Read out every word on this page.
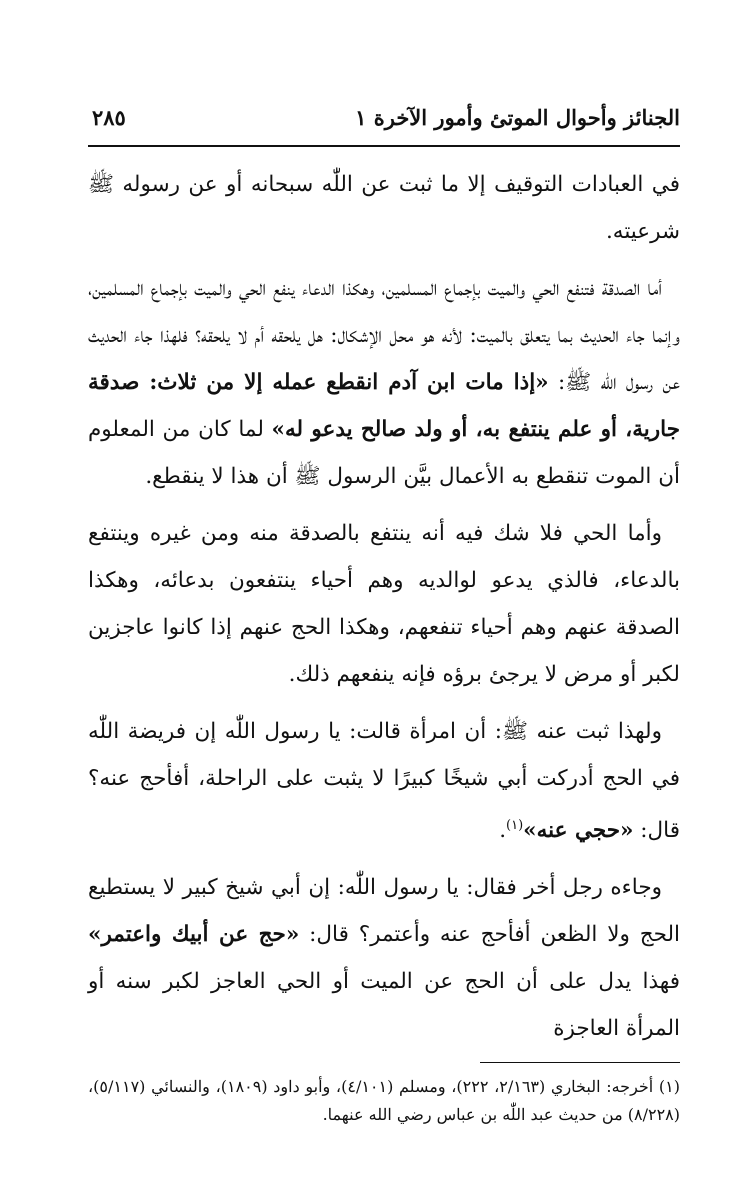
الجنائز وأحوال الموتئ وأمور الآخرة ١
٢٨٥

في العبادات التوقيف إلا ما ثبت عن اللّٰه سبحانه أو عن رسوله ﷺ شرعيته.

أما الصدقة فتنفع الحي والميت بإجماع المسلمين، وهكذا الدعاء ينفع الحي والميت بإجماع المسلمين، وإنما جاء الحديث بما يتعلق بالميت: لأنه هو محل الإشكال: هل يلحقه أم لا يلحقه؟ فلهذا جاء الحديث عن رسول اللّٰه ﷺ: «إذا مات ابن آدم انقطع عمله إلا من ثلاث: صدقة جارية، أو علم ينتفع به، أو ولد صالح يدعو له» لما كان من المعلوم أن الموت تنقطع به الأعمال بيَّن الرسول ﷺ أن هذا لا ينقطع.

وأما الحي فلا شك فيه أنه ينتفع بالصدقة منه ومن غيره وينتفع بالدعاء، فالذي يدعو لوالديه وهم أحياء ينتفعون بدعائه، وهكذا الصدقة عنهم وهم أحياء تنفعهم، وهكذا الحج عنهم إذا كانوا عاجزين لكبر أو مرض لا يرجئ برؤه فإنه ينفعهم ذلك.

ولهذا ثبت عنه ﷺ: أن امرأة قالت: يا رسول اللّٰه إن فريضة اللّٰه في الحج أدركت أبي شيخًا كبيرًا لا يثبت على الراحلة، أفأحج عنه؟ قال: «حجي عنه»$^{(١)}$.

وجاءه رجل أخر فقال: يا رسول اللّٰه: إن أبي شيخ كبير لا يستطيع الحج ولا الظعن أفأحج عنه وأعتمر؟ قال: «حج عن أبيك واعتمر» فهذا يدل على أن الحج عن الميت أو الحي العاجز لكبر سنه أو المرأة العاجزة

(١) أخرجه: البخاري (٢/١٦٣، ٢٢٢)، ومسلم (٤/١٠١)، وأبو داود (١٨٠٩)، والنسائي (٥/١١٧)، (٨/٢٢٨) من حديث عبد اللّٰه بن عباس رضي الله عنهما.
